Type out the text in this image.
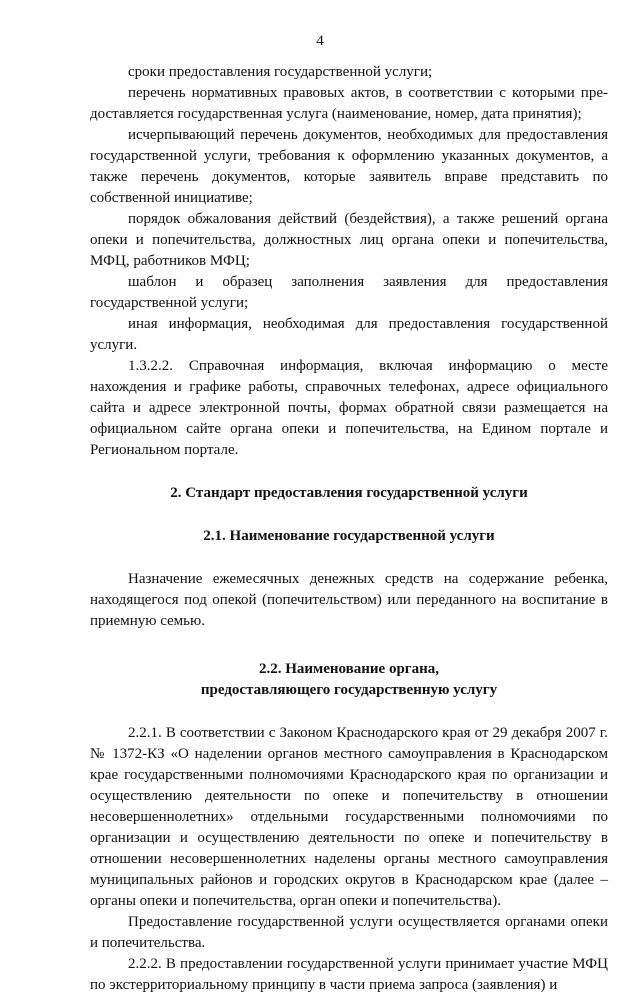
4

сроки предоставления государственной услуги;

перечень нормативных правовых актов, в соответствии с которыми пре-

доставляется государственная услуга (наименование, номер, дата принятия);

исчерпывающий перечень документов, необходимых для предоставления государственной услуги, требования к оформлению указанных документов, а также перечень документов, которые заявитель вправе представить по собственной инициативе;

порядок обжалования действий (бездействия), а также решений органа опеки и попечительства, должностных лиц органа опеки и попечительства, МФЦ, работников МФЦ;

шаблон и образец заполнения заявления для предоставления государственной услуги;

иная информация, необходимая для предоставления государственной услуги.

1.3.2.2. Справочная информация, включая информацию о месте нахождения и графике работы, справочных телефонах, адресе официального сайта и адресе электронной почты, формах обратной связи размещается на официальном сайте органа опеки и попечительства, на Едином портале и Региональном портале.

2. Стандарт предоставления государственной услуги

2.1. Наименование государственной услуги

Назначение ежемесячных денежных средств на содержание ребенка, находящегося под опекой (попечительством) или переданного на воспитание в приемную семью.

2.2. Наименование органа,

предоставляющего государственную услугу

2.2.1. В соответствии с Законом Краснодарского края от 29 декабря 2007 г. № 1372-КЗ «О наделении органов местного самоуправления в Краснодарском крае государственными полномочиями Краснодарского края по организации и осуществлению деятельности по опеке и попечительству в отношении несовершеннолетних» отдельными государственными полномочиями по организации и осуществлению деятельности по опеке и попечительству в отношении несовершеннолетних наделены органы местного самоуправления муниципальных районов и городских округов в Краснодарском крае (далее – органы опеки и попечительства, орган опеки и попечительства).

Предоставление государственной услуги осуществляется органами опеки и попечительства.

2.2.2. В предоставлении государственной услуги принимает участие МФЦ по экстерриториальному принципу в части приема запроса (заявления) и
